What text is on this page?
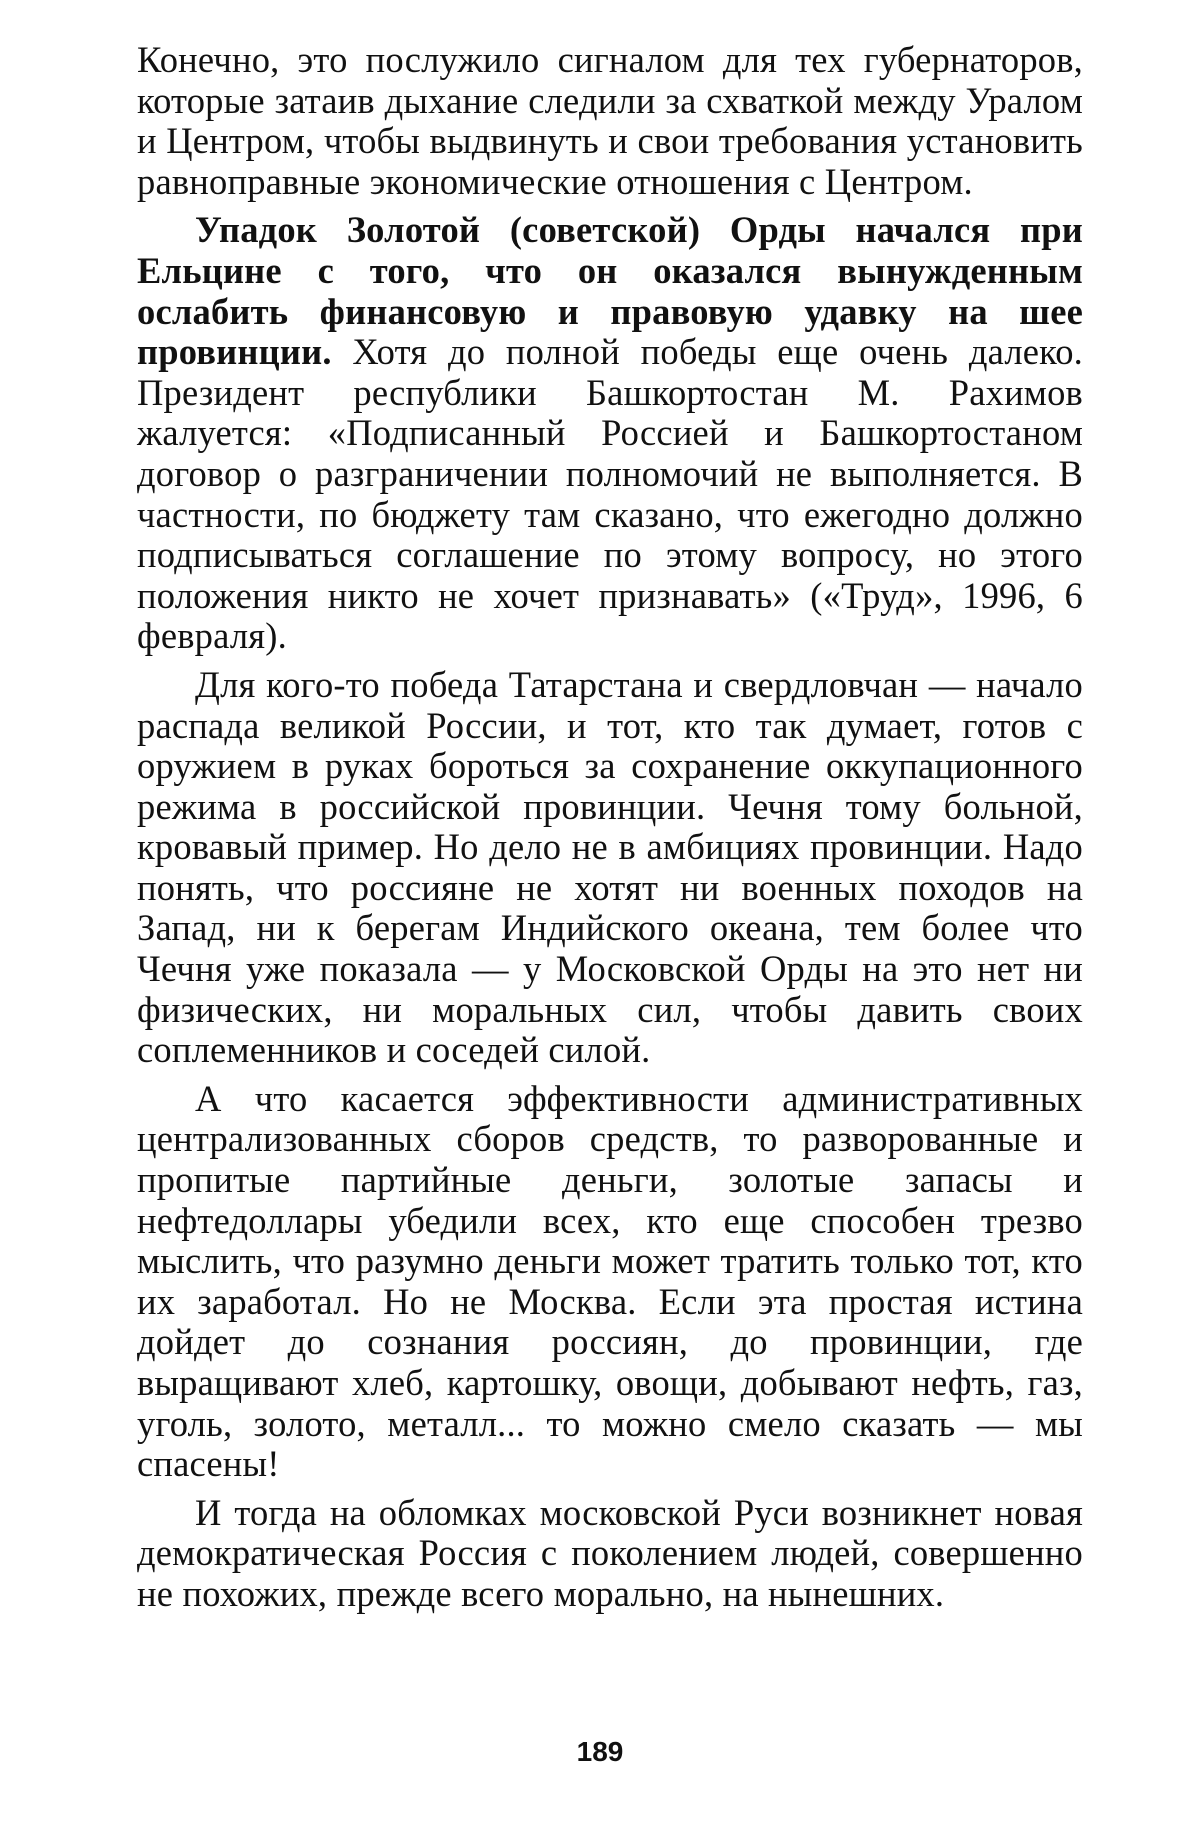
Конечно, это послужило сигналом для тех губернаторов, которые затаив дыхание следили за схваткой между Уралом и Центром, чтобы выдвинуть и свои требования установить равноправные экономические отношения с Центром.

Упадок Золотой (советской) Орды начался при Ельцине с того, что он оказался вынужденным ослабить финансовую и правовую удавку на шее провинции. Хотя до полной победы еще очень далеко. Президент республики Башкортостан М. Рахимов жалуется: «Подписанный Россией и Башкортостаном договор о разграничении полномочий не выполняется. В частности, по бюджету там сказано, что ежегодно должно подписываться соглашение по этому вопросу, но этого положения никто не хочет признавать» («Труд», 1996, 6 февраля).

Для кого-то победа Татарстана и свердловчан — начало распада великой России, и тот, кто так думает, готов с оружием в руках бороться за сохранение оккупационного режима в российской провинции. Чечня тому больной, кровавый пример. Но дело не в амбициях провинции. Надо понять, что россияне не хотят ни военных походов на Запад, ни к берегам Индийского океана, тем более что Чечня уже показала — у Московской Орды на это нет ни физических, ни моральных сил, чтобы давить своих соплеменников и соседей силой.

А что касается эффективности административных централизованных сборов средств, то разворованные и пропитые партийные деньги, золотые запасы и нефтедоллары убедили всех, кто еще способен трезво мыслить, что разумно деньги может тратить только тот, кто их заработал. Но не Москва. Если эта простая истина дойдет до сознания россиян, до провинции, где выращивают хлеб, картошку, овощи, добывают нефть, газ, уголь, золото, металл... то можно смело сказать — мы спасены!

И тогда на обломках московской Руси возникнет новая демократическая Россия с поколением людей, совершенно не похожих, прежде всего морально, на нынешних.

189
